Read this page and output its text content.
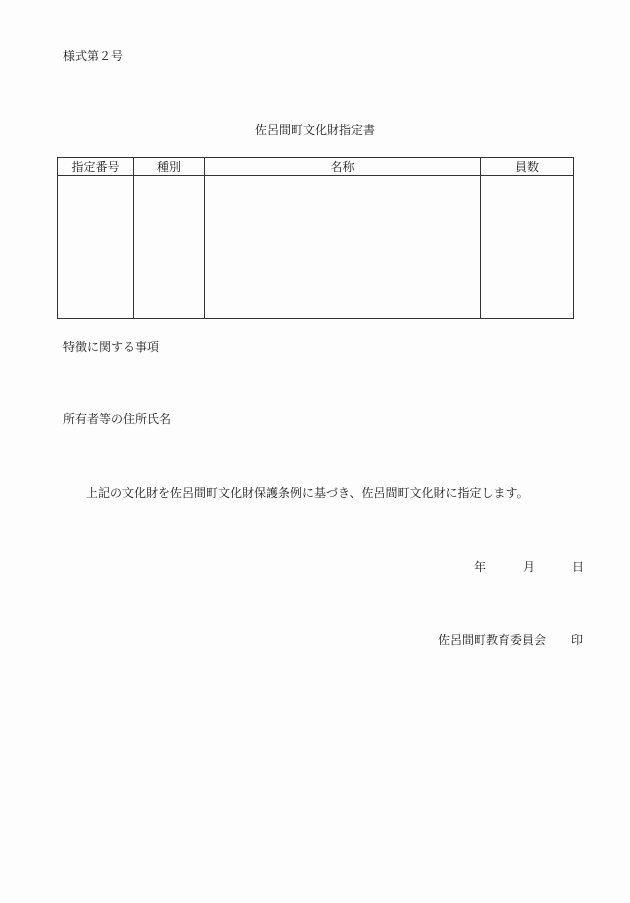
様式第２号
佐呂間町文化財指定書
指定番号	種別	名称	員数

特徴に関する事項
所有者等の住所氏名
上記の文化財を佐呂間町文化財保護条例に基づき、佐呂間町文化財に指定します。
年	月	日
佐呂間町教育委員会 印
